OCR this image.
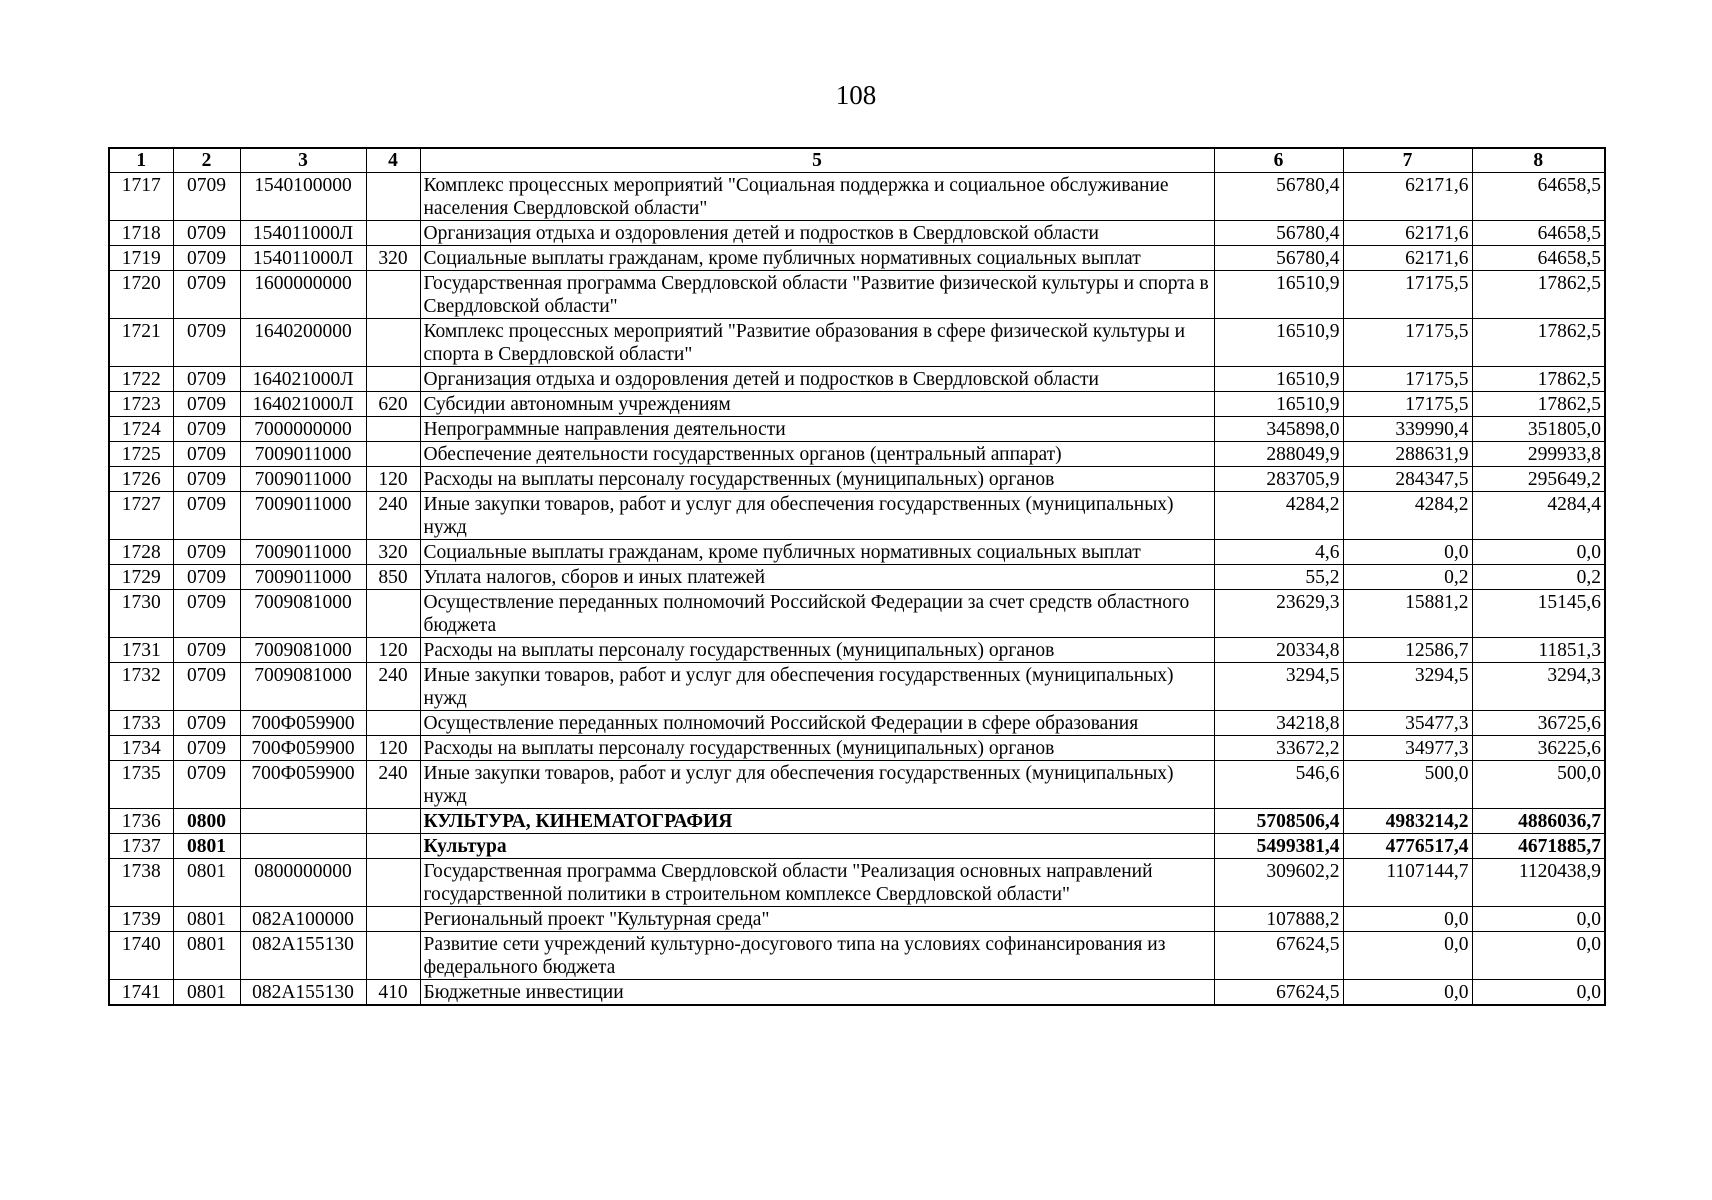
108
1	2	3	4	5	6	7	8
1717	0709	1540100000		Комплекс процессных мероприятий "Социальная поддержка и социальное обслуживание населения Свердловской области"	56780,4	62171,6	64658,5
1718	0709	154011000Л		Организация отдыха и оздоровления детей и подростков в Свердловской области	56780,4	62171,6	64658,5
1719	0709	154011000Л	320	Социальные выплаты гражданам, кроме публичных нормативных социальных выплат	56780,4	62171,6	64658,5
1720	0709	1600000000		Государственная программа Свердловской области "Развитие физической культуры и спорта в Свердловской области"	16510,9	17175,5	17862,5
1721	0709	1640200000		Комплекс процессных мероприятий "Развитие образования в сфере физической культуры и спорта в Свердловской области"	16510,9	17175,5	17862,5
1722	0709	164021000Л		Организация отдыха и оздоровления детей и подростков в Свердловской области	16510,9	17175,5	17862,5
1723	0709	164021000Л	620	Субсидии автономным учреждениям	16510,9	17175,5	17862,5
1724	0709	7000000000		Непрограммные направления деятельности	345898,0	339990,4	351805,0
1725	0709	7009011000		Обеспечение деятельности государственных органов (центральный аппарат)	288049,9	288631,9	299933,8
1726	0709	7009011000	120	Расходы на выплаты персоналу государственных (муниципальных) органов	283705,9	284347,5	295649,2
1727	0709	7009011000	240	Иные закупки товаров, работ и услуг для обеспечения государственных (муниципальных) нужд	4284,2	4284,2	4284,4
1728	0709	7009011000	320	Социальные выплаты гражданам, кроме публичных нормативных социальных выплат	4,6	0,0	0,0
1729	0709	7009011000	850	Уплата налогов, сборов и иных платежей	55,2	0,2	0,2
1730	0709	7009081000		Осуществление переданных полномочий Российской Федерации за счет средств областного бюджета	23629,3	15881,2	15145,6
1731	0709	7009081000	120	Расходы на выплаты персоналу государственных (муниципальных) органов	20334,8	12586,7	11851,3
1732	0709	7009081000	240	Иные закупки товаров, работ и услуг для обеспечения государственных (муниципальных) нужд	3294,5	3294,5	3294,3
1733	0709	700Ф059900		Осуществление переданных полномочий Российской Федерации в сфере образования	34218,8	35477,3	36725,6
1734	0709	700Ф059900	120	Расходы на выплаты персоналу государственных (муниципальных) органов	33672,2	34977,3	36225,6
1735	0709	700Ф059900	240	Иные закупки товаров, работ и услуг для обеспечения государственных (муниципальных) нужд	546,6	500,0	500,0
1736	0800			КУЛЬТУРА, КИНЕМАТОГРАФИЯ	5708506,4	4983214,2	4886036,7
1737	0801			Культура	5499381,4	4776517,4	4671885,7
1738	0801	0800000000		Государственная программа Свердловской области "Реализация основных направлений государственной политики в строительном комплексе Свердловской области"	309602,2	1107144,7	1120438,9
1739	0801	082А100000		Региональный проект "Культурная среда"	107888,2	0,0	0,0
1740	0801	082А155130		Развитие сети учреждений культурно-досугового типа на условиях софинансирования из федерального бюджета	67624,5	0,0	0,0
1741	0801	082А155130	410	Бюджетные инвестиции	67624,5	0,0	0,0
